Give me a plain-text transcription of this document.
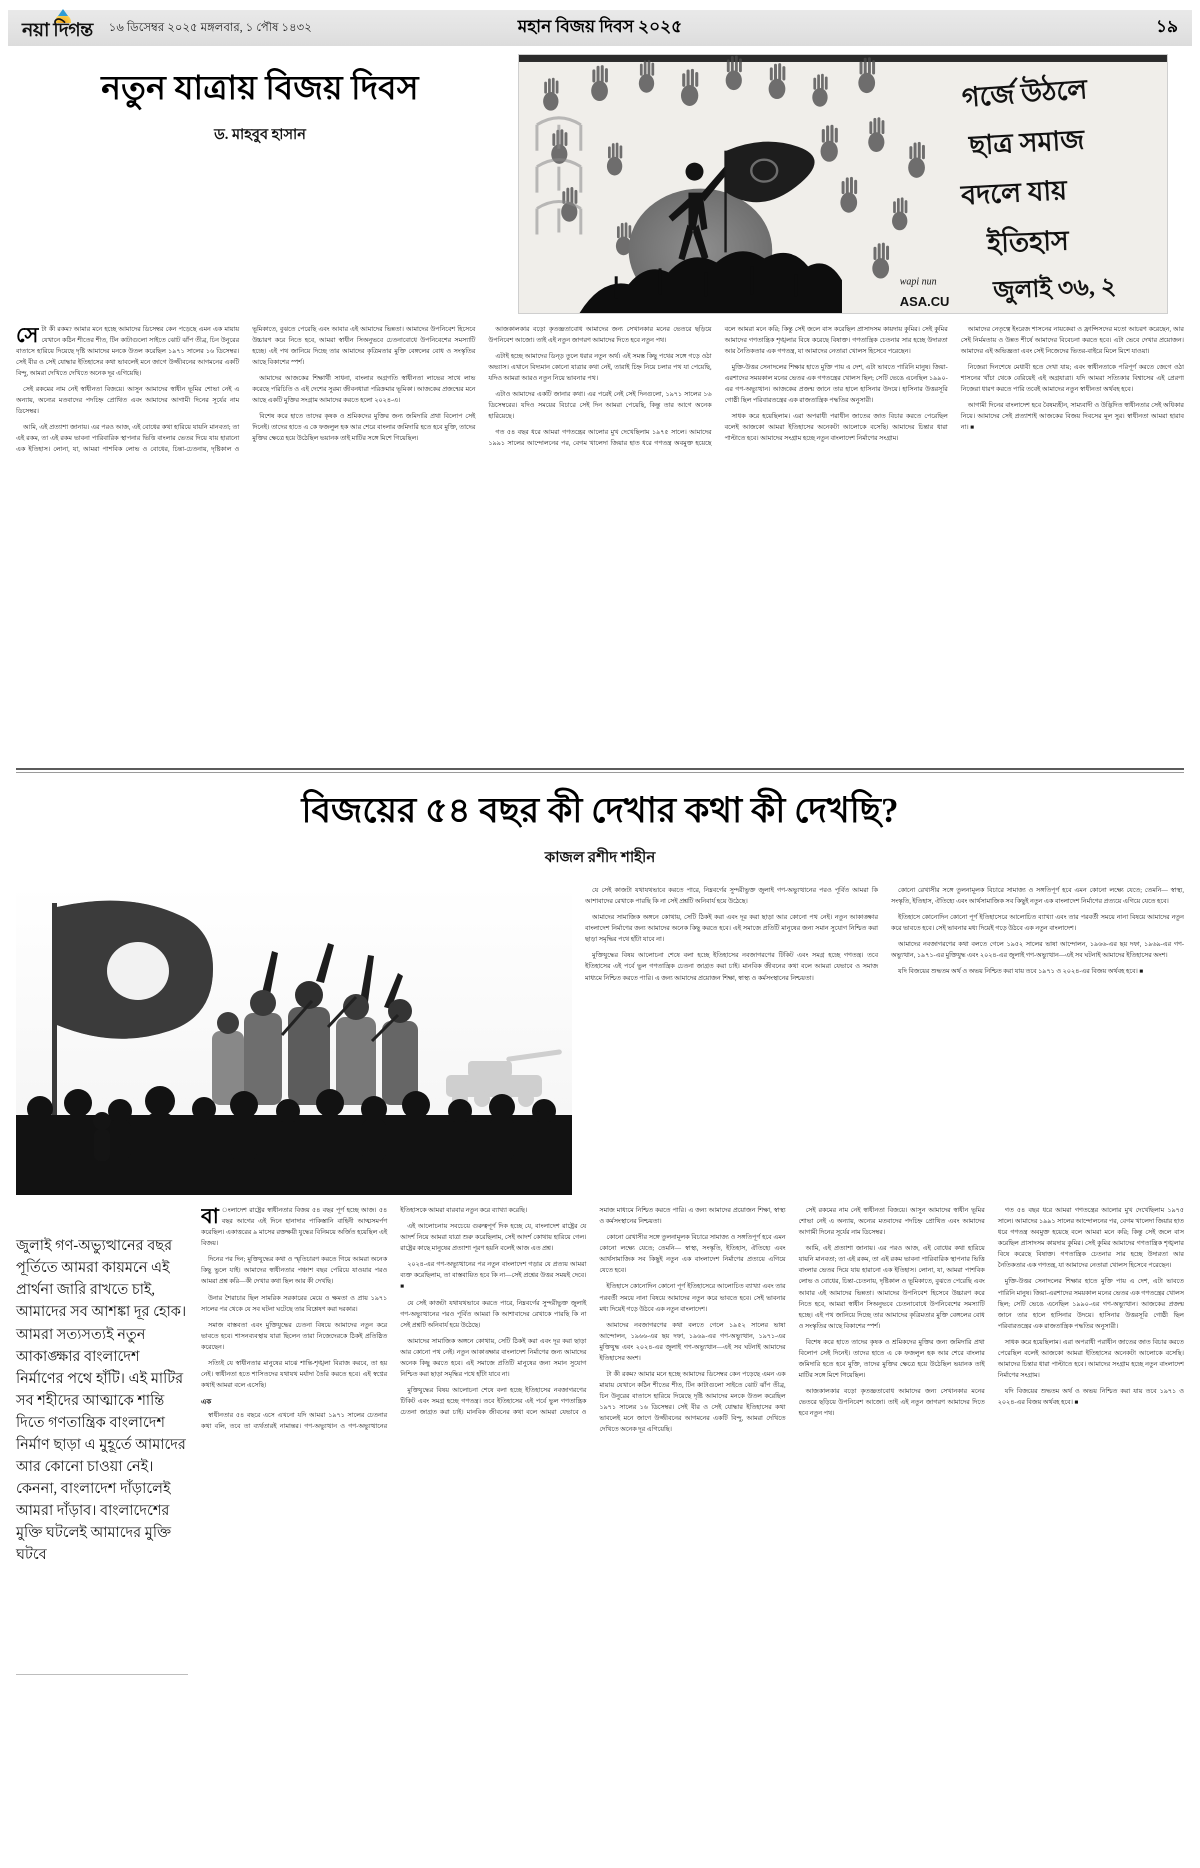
নয়া দিগন্ত ১৬ ডিসেম্বর ২০২৫ মঙ্গলবার, ১ পৌষ ১৪৩২	মহান বিজয় দিবস ২০২৫	১৯
নতুন যাত্রায় বিজয় দিবস
ড. মাহবুব হাসান
গর্জে উঠলে
ছাত্র সমাজ
বদলে যায়
ইতিহাস
জুলাই ৩৬, ২
wapi nun
ASA.CU

সেটা কী রকম? আমার মনে হচ্ছে আমাদের ডিসেম্বর কেন পড়েছে এমন এক মায়ায় যেখানে কঠিন শীতের শীত, টিন কাটাগুলো সাইতে ঝোট ঝাঁপ তীব্র, চিন উনুরের বাতাসে হারিয়ে দিয়েছে দৃষ্টি আমাদের মনকে উতল করেছিল ১৯৭১ সালের ১৬ ডিসেম্বর। সেই বীর ও সেই যোদ্ধার ইতিহাসের কথা ভাবলেই মনে জাগে উজ্জীবনের আগমনের একটি বিন্দু, আমরা দেখিতে দেখিতে অনেক দূর এগিয়েছি।

সেই রকমের নাম নেই স্বাধীনতা বিজয়ে। আসুন আমাদের স্বাধীন ভূমির শোভা নেই এ অন্যায়, অন্যের মতবাদের পদচিহ্ন প্রোথিত এবং আমাদের আগামী দিনের সূর্যের নাম ডিসেম্বর।

আমি, এই প্রত্যাশা জানায়। এর পরও আজ, এই বোধের কথা হারিয়ে যায়নি মানবতা; তা এই রকম, তা এই রকম ভাবনা পারিবারিক স্থাপনার ভিত্তি বাংলার ভেতর দিয়ে যায় হারানো এক ইতিহাস। লোনা, যা, আমরা পাশবিক লোভ ও বোধের, চিন্তা-চেতনায়, দৃষ্টিকাল ও ভূমিকাতে, বুঝতে পেরেছি এবং আবার এই আমাদের ভিন্নতা। আমাদের উপনিবেশ হিসেবে উচ্চারণ করে নিতে হবে, আমরা স্বাধীন সিঅনুভবে চেতনাবোধে উপনিবেশের সমস্যাটি হচ্ছে। এই পথ জানিয়ে দিচ্ছে তার আমাদের কৃত্রিমতার মুক্তি বেঙ্গলের বোধ ও সংস্কৃতির আছে বিকাশের স্পর্শ।

আমাদের আজকের শিক্ষার্থী সাধনা, বাংলার অগ্রগতি স্বাধীনতা লাভের সাথে লাভ করেছে পরিচিতি ও এই দেশের সুরম্য জীবনধারা পরিক্রমার ভূমিকা। আজকের প্রজন্মের মনে আছে একটি মুক্তির সংগ্রাম আমাদের করতে হলো ২০২৪-এ।

বিশেষ করে হাতে তাদের কৃষক ও শ্রমিকদের মুক্তির জন্য জমিদারি প্রথা বিলোপ সেই দিনেই। তাদের হাতে এ কে ফজলুল হক আর শেরে বাংলার জমিদারি হতে হবে মুক্তি, তাদের মুক্তির ক্ষেত্রে হয়ে উঠেছিল ভয়ানক তাই মাটির সঙ্গে মিশে গিয়েছিল।

আজকালকার বড়ো কৃতজ্ঞতাবোধ আমাদের জন্য সেখানকার মনের ভেতরে ছড়িয়ে উপনিবেশ আজো। তাই এই নতুন জাগরণ আমাদের দিতে হবে নতুন পথ।

এটাই হচ্ছে আমাদের ডিন্ড় তুলে ধরার নতুন অর্থ। এই সমস্ত কিছু পথের সঙ্গে গড়ে ওঠা অভ্যাস। এখানে বিদ্যমান কোনো যাত্রার কথা নেই, তারাই চিহ্ন নিয়ে চলার পথ যা পেয়েছি, যদিও আমরা আরও নতুন নিয়ে ভাবনার পথ।

এটাও আমাদের একটি জানার কথা। এর পরেই নেই সেই দিনগুলো, ১৯৭১ সালের ১৬ ডিসেম্বরের। যদিও সময়ের বিচারে সেই দিন আমরা পেয়েছি, কিন্তু তার আগে অনেক হারিয়েছে।

গত ৫৪ বছর ধরে আমরা গণতন্ত্রের আলোর মুখ দেখেছিলাম ১৯৭৫ সালে। আমাদের ১৯৯১ সালের আন্দোলনের পর, বেগম খালেদা জিয়ার হাত ধরে গণতন্ত্র অবমুক্ত হয়েছে বলে আমরা মনে করি; কিন্তু সেই জলে বাস করেছিল প্রাসাদসম কায়দায় কুমির। সেই কুমির আমাদের গণতান্ত্রিক শৃঙ্খলার বিষে করেছে বিষাক্ত। গণতান্ত্রিক চেতনার সার হচ্ছে উদারতা আর নৈতিকতার এক গণতন্ত্র, যা আমাদের নেতারা খোলস হিসেবে পরেছেন।

মুক্তি-উত্তর সেনাদলের শিক্ষার হাতে মুক্তি পায় এ দেশ, এটা ভাবতে পারিনি মানুষ। জিয়া-এরশাদের সময়কাল মনের ভেতর এক গণতন্ত্রের খোলস ছিল; সেটি ভেঙে এনেছিল ১৯৯০-এর গণ-অভ্যুত্থান। আজকের প্রজন্ম জানে তার হালে হাসিনার উদয়ে। হাসিনার উত্তরসূরি গোষ্ঠী ছিল পরিবারতন্ত্রের এক রাজতান্ত্রিক পদ্ধতির অনুসারী।

সাধক করে হয়েছিলাম। এরা অপরাধী পরাধীন জাতের জাত বিচার করতে পেরেছিল বলেই আজকো আমরা ইতিহাসের অনেকটা আলোকে বসেছি। আমাদের চিন্তার ধারা পাল্টাতে হবে। আমাদের সংগ্রাম হচ্ছে নতুন বাংলাদেশ নির্মাণের সংগ্রাম।

আমাদের নেতৃত্বে ইংরেজ শাসনের নায়কেরা ও ফ্রান্সিসদের মতো আচরণ করেছেন, আর সেই নির্মমতায় ও উন্নত শীর্ষে আমাদের বিবেচনা করতে হবে। এটা ভেবে দেখার প্রয়োজন। আমাদের এই অভিজ্ঞতা এবং সেই নিজেদের ভিতর-বাইরে মিলে মিশে যাওয়া।

নিজেরা দিনশেষে মেধাবী হতে দেখা যায়; এবং স্বাধীনতাকে পরিপূর্ণ করতে জেগে ওঠা শাসনের খাঁচা থেকে বেরিয়েই এই অগ্রযাত্রা। যদি আমরা সত্যিকার বিশ্বাসের এই প্রেরণা নিজেরা ধারণ করতে পারি তবেই আমাদের নতুন স্বাধীনতা অর্থবহ হবে।

আগামী দিনের বাংলাদেশ হবে বৈষম্যহীন, সাম্যবাদী ও উদ্ভিদিত স্বাধীনতার সেই অধিকার নিয়ে। আমাদের সেই প্রত্যাশাই আজকের বিজয় দিবসের মূল সুর। স্বাধীনতা আমরা হারাব না। ■

বিজয়ের ৫৪ বছর কী দেখার কথা কী দেখছি?
কাজল রশীদ শাহীন

যে সেই কাজটা যথাযথভাবে করতে পারে, নিম্নবর্গের সুন্দরীভুক্ত জুলাই গণ-অভ্যুত্থানের পরও পূর্বিত আমরা কি আশাবাদের রেখাকে পারছি কি না সেই প্রশ্নটি অনিবার্য হয়ে উঠেছে।

আমাদের সামাজিক অঙ্গনে কোথায়, সেটি ঠিকই করা এবং দূর করা ছাড়া আর কোনো পথ নেই। নতুন আকাঙ্ক্ষার বাংলাদেশ নির্মাণের জন্য আমাদের অনেক কিছু করতে হবে। এই সমাজে প্রতিটি মানুষের জন্য সমান সুযোগ নিশ্চিত করা ছাড়া সমৃদ্ধির পথে হাঁটা যাবে না।

মুক্তিযুদ্ধের বিষয় আলোচনা শেষে বলা হচ্ছে ইতিহাসের নবজাগরণের টিকিট এবং সমগ্র হচ্ছে গণতন্ত্র। তবে ইতিহাসের এই পর্বে ভুল গণতান্ত্রিক চেতনা জাগ্রত করা চাই। মানবিক জীবনের কথা বলে আমরা যেভাবে ও সমাজ মাধ্যমে নিশ্চিত করতে পারি। এ জন্য আমাদের প্রয়োজন শিক্ষা, স্বাস্থ্য ও কর্মসংস্থানের নিশ্চয়তা।

কোনো রেখাসীর সঙ্গে তুলনামূলক বিচারে সামাজ্য ও সঙ্গতিপূর্ণ হবে এমন কোনো লক্ষ্যে যেতে; তেমনি— স্বাস্থ্য, সংস্কৃতি, ইতিহাস, ঐতিহ্যে এবং আর্থসামাজিক সব কিছুই নতুন এক বাংলাদেশ নির্মাণের প্রত্যয়ে এগিয়ে যেতে হবে।

ইতিহাসে কোনোদিন কোনো পূর্ণ ইতিহাসেরে আলোচিত ব্যাখ্যা এবং তার পরবর্তী সময়ে নানা বিষয়ে আমাদের নতুন করে ভাবতে হবে। সেই ভাবনার মধ্য দিয়েই গড়ে উঠবে এক নতুন বাংলাদেশ।

আমাদের নবজাগরণের কথা বলতে গেলে ১৯৫২ সালের ভাষা আন্দোলন, ১৯৬৬-এর ছয় দফা, ১৯৬৯-এর গণ-অভ্যুত্থান, ১৯৭১-এর মুক্তিযুদ্ধ এবং ২০২৪-এর জুলাই গণ-অভ্যুত্থান—এই সব ঘটনাই আমাদের ইতিহাসের অংশ।

যদি বিজয়ের শুদ্ধতম অর্থ ও অভয় নিশ্চিত করা যায় তবে ১৯৭১ ও ২০২৪-এর বিজয় অর্থবহ হবে। ■

জুলাই গণ-অভ্যুত্থানের বছর পূর্তিতে আমরা কায়মনে এই প্রার্থনা জারি রাখতে চাই, আমাদের সব আশঙ্কা দূর হোক। আমরা সত্যসত্যই নতুন আকাঙ্ক্ষার বাংলাদেশ নির্মাণের পথে হাঁটি। এই মাটির সব শহীদের আত্মাকে শান্তি দিতে গণতান্ত্রিক বাংলাদেশ নির্মাণ ছাড়া এ মুহূর্তে আমাদের আর কোনো চাওয়া নেই। কেননা, বাংলাদেশ দাঁড়ালেই আমরা দাঁড়াব। বাংলাদেশের মুক্তি ঘটলেই আমাদের মুক্তি ঘটবে

বা ংলাদেশ রাষ্ট্রের স্বাধীনতার বিজয় ৫৪ বছর পূর্ণ হচ্ছে আজ। ৫৪ বছর আগের এই দিনে হানাদার পাকিস্তানি বাহিনী আত্মসমর্পণ করেছিল। একাত্তরের ৯ মাসের রক্তক্ষয়ী যুদ্ধের বিনিময়ে অর্জিত হয়েছিল এই বিজয়।

দিনের পর দিন; মুক্তিযুদ্ধের কথা ও স্মৃতিচারণ করতে গিয়ে আমরা অনেক কিছু ভুলে যাই। আমাদের স্বাধীনতার পঞ্চাশ বছর পেরিয়ে যাওয়ার পরও আমরা প্রশ্ন করি—কী দেখার কথা ছিল আর কী দেখছি।

উনার শৈরাচার ছিল সামরিক সরকারের মেয়ে ও ক্ষমতা ও প্রায় ১৯৭১ সালের পর থেকে যে সব ঘটনা ঘটেছে তার বিশ্লেষণ করা দরকার।

সমাজ বাস্তবতা এবং মুক্তিযুদ্ধের চেতনা বিষয়ে আমাদের নতুন করে ভাবতে হবে। শাসনব্যবস্থায় যারা ছিলেন তারা নিজেদেরকে ঠিকই প্রতিষ্ঠিত করেছেন।

সত্যিই যে স্বাধীনতার মানুষের মাঝে শান্তি-শৃঙ্খলা বিরাজ করবে, তা হয় নেই। স্বাধীনতা হতে শাসিতদের যথাযথ মর্যাদা তৈরি করতে হবে। এই স্বপ্নের কথাই আমরা বলে এসেছি।

এক

স্বাধীনতার ৫৪ বছরে এসে এখনো যদি আমরা ১৯৭১ সালের চেতনার কথা বলি, তবে তা ব্যর্থতারই নামান্তর। গণ-অভ্যুত্থান ও গণ-অভ্যুত্থানের ইতিহাসকে আমরা বারবার নতুন করে ব্যাখ্যা করেছি।

এই আলোচনায় সবচেয়ে গুরুত্বপূর্ণ দিক হচ্ছে যে, বাংলাদেশ রাষ্ট্রের যে আদর্শ নিয়ে আমরা যাত্রা শুরু করেছিলাম, সেই আদর্শ কোথায় হারিয়ে গেল। রাষ্ট্রের কাছে মানুষের প্রত্যাশা পূরণ হয়নি বলেই আজ এত প্রশ্ন।

২০২৪-এর গণ-অভ্যুত্থানের পর নতুন বাংলাদেশ গড়ার যে প্রত্যয় আমরা ব্যক্ত করেছিলাম, তা বাস্তবায়িত হবে কি না—সেই প্রশ্নের উত্তর সময়ই দেবে। ■

যে সেই কাজটা যথাযথভাবে করতে পারে, নিম্নবর্গের সুন্দরীভুক্ত জুলাই গণ-অভ্যুত্থানের পরও পূর্বিত আমরা কি আশাবাদের রেখাকে পারছি কি না সেই প্রশ্নটি অনিবার্য হয়ে উঠেছে।

আমাদের সামাজিক অঙ্গনে কোথায়, সেটি ঠিকই করা এবং দূর করা ছাড়া আর কোনো পথ নেই। নতুন আকাঙ্ক্ষার বাংলাদেশ নির্মাণের জন্য আমাদের অনেক কিছু করতে হবে। এই সমাজে প্রতিটি মানুষের জন্য সমান সুযোগ নিশ্চিত করা ছাড়া সমৃদ্ধির পথে হাঁটা যাবে না।

মুক্তিযুদ্ধের বিষয় আলোচনা শেষে বলা হচ্ছে ইতিহাসের নবজাগরণের টিকিট এবং সমগ্র হচ্ছে গণতন্ত্র। তবে ইতিহাসের এই পর্বে ভুল গণতান্ত্রিক চেতনা জাগ্রত করা চাই। মানবিক জীবনের কথা বলে আমরা যেভাবে ও সমাজ মাধ্যমে নিশ্চিত করতে পারি। এ জন্য আমাদের প্রয়োজন শিক্ষা, স্বাস্থ্য ও কর্মসংস্থানের নিশ্চয়তা।

কোনো রেখাসীর সঙ্গে তুলনামূলক বিচারে সামাজ্য ও সঙ্গতিপূর্ণ হবে এমন কোনো লক্ষ্যে যেতে; তেমনি— স্বাস্থ্য, সংস্কৃতি, ইতিহাস, ঐতিহ্যে এবং আর্থসামাজিক সব কিছুই নতুন এক বাংলাদেশ নির্মাণের প্রত্যয়ে এগিয়ে যেতে হবে।

ইতিহাসে কোনোদিন কোনো পূর্ণ ইতিহাসেরে আলোচিত ব্যাখ্যা এবং তার পরবর্তী সময়ে নানা বিষয়ে আমাদের নতুন করে ভাবতে হবে। সেই ভাবনার মধ্য দিয়েই গড়ে উঠবে এক নতুন বাংলাদেশ।

আমাদের নবজাগরণের কথা বলতে গেলে ১৯৫২ সালের ভাষা আন্দোলন, ১৯৬৬-এর ছয় দফা, ১৯৬৯-এর গণ-অভ্যুত্থান, ১৯৭১-এর মুক্তিযুদ্ধ এবং ২০২৪-এর জুলাই গণ-অভ্যুত্থান—এই সব ঘটনাই আমাদের ইতিহাসের অংশ।

টা কী রকম? আমার মনে হচ্ছে আমাদের ডিসেম্বর কেন পড়েছে এমন এক মায়ায় যেখানে কঠিন শীতের শীত, টিন কাটাগুলো সাইতে ঝোট ঝাঁপ তীব্র, চিন উনুরের বাতাসে হারিয়ে দিয়েছে দৃষ্টি আমাদের মনকে উতল করেছিল ১৯৭১ সালের ১৬ ডিসেম্বর। সেই বীর ও সেই যোদ্ধার ইতিহাসের কথা ভাবলেই মনে জাগে উজ্জীবনের আগমনের একটি বিন্দু, আমরা দেখিতে দেখিতে অনেক দূর এগিয়েছি।

সেই রকমের নাম নেই স্বাধীনতা বিজয়ে। আসুন আমাদের স্বাধীন ভূমির শোভা নেই এ অন্যায়, অন্যের মতবাদের পদচিহ্ন প্রোথিত এবং আমাদের আগামী দিনের সূর্যের নাম ডিসেম্বর।

আমি, এই প্রত্যাশা জানায়। এর পরও আজ, এই বোধের কথা হারিয়ে যায়নি মানবতা; তা এই রকম, তা এই রকম ভাবনা পারিবারিক স্থাপনার ভিত্তি বাংলার ভেতর দিয়ে যায় হারানো এক ইতিহাস। লোনা, যা, আমরা পাশবিক লোভ ও বোধের, চিন্তা-চেতনায়, দৃষ্টিকাল ও ভূমিকাতে, বুঝতে পেরেছি এবং আবার এই আমাদের ভিন্নতা। আমাদের উপনিবেশ হিসেবে উচ্চারণ করে নিতে হবে, আমরা স্বাধীন সিঅনুভবে চেতনাবোধে উপনিবেশের সমস্যাটি হচ্ছে। এই পথ জানিয়ে দিচ্ছে তার আমাদের কৃত্রিমতার মুক্তি বেঙ্গলের বোধ ও সংস্কৃতির আছে বিকাশের স্পর্শ।

বিশেষ করে হাতে তাদের কৃষক ও শ্রমিকদের মুক্তির জন্য জমিদারি প্রথা বিলোপ সেই দিনেই। তাদের হাতে এ কে ফজলুল হক আর শেরে বাংলার জমিদারি হতে হবে মুক্তি, তাদের মুক্তির ক্ষেত্রে হয়ে উঠেছিল ভয়ানক তাই মাটির সঙ্গে মিশে গিয়েছিল।

আজকালকার বড়ো কৃতজ্ঞতাবোধ আমাদের জন্য সেখানকার মনের ভেতরে ছড়িয়ে উপনিবেশ আজো। তাই এই নতুন জাগরণ আমাদের দিতে হবে নতুন পথ।

গত ৫৪ বছর ধরে আমরা গণতন্ত্রের আলোর মুখ দেখেছিলাম ১৯৭৫ সালে। আমাদের ১৯৯১ সালের আন্দোলনের পর, বেগম খালেদা জিয়ার হাত ধরে গণতন্ত্র অবমুক্ত হয়েছে বলে আমরা মনে করি; কিন্তু সেই জলে বাস করেছিল প্রাসাদসম কায়দায় কুমির। সেই কুমির আমাদের গণতান্ত্রিক শৃঙ্খলার বিষে করেছে বিষাক্ত। গণতান্ত্রিক চেতনার সার হচ্ছে উদারতা আর নৈতিকতার এক গণতন্ত্র, যা আমাদের নেতারা খোলস হিসেবে পরেছেন।

মুক্তি-উত্তর সেনাদলের শিক্ষার হাতে মুক্তি পায় এ দেশ, এটা ভাবতে পারিনি মানুষ। জিয়া-এরশাদের সময়কাল মনের ভেতর এক গণতন্ত্রের খোলস ছিল; সেটি ভেঙে এনেছিল ১৯৯০-এর গণ-অভ্যুত্থান। আজকের প্রজন্ম জানে তার হালে হাসিনার উদয়ে। হাসিনার উত্তরসূরি গোষ্ঠী ছিল পরিবারতন্ত্রের এক রাজতান্ত্রিক পদ্ধতির অনুসারী।

সাধক করে হয়েছিলাম। এরা অপরাধী পরাধীন জাতের জাত বিচার করতে পেরেছিল বলেই আজকো আমরা ইতিহাসের অনেকটা আলোকে বসেছি। আমাদের চিন্তার ধারা পাল্টাতে হবে। আমাদের সংগ্রাম হচ্ছে নতুন বাংলাদেশ নির্মাণের সংগ্রাম।

যদি বিজয়ের শুদ্ধতম অর্থ ও অভয় নিশ্চিত করা যায় তবে ১৯৭১ ও ২০২৪-এর বিজয় অর্থবহ হবে। ■
